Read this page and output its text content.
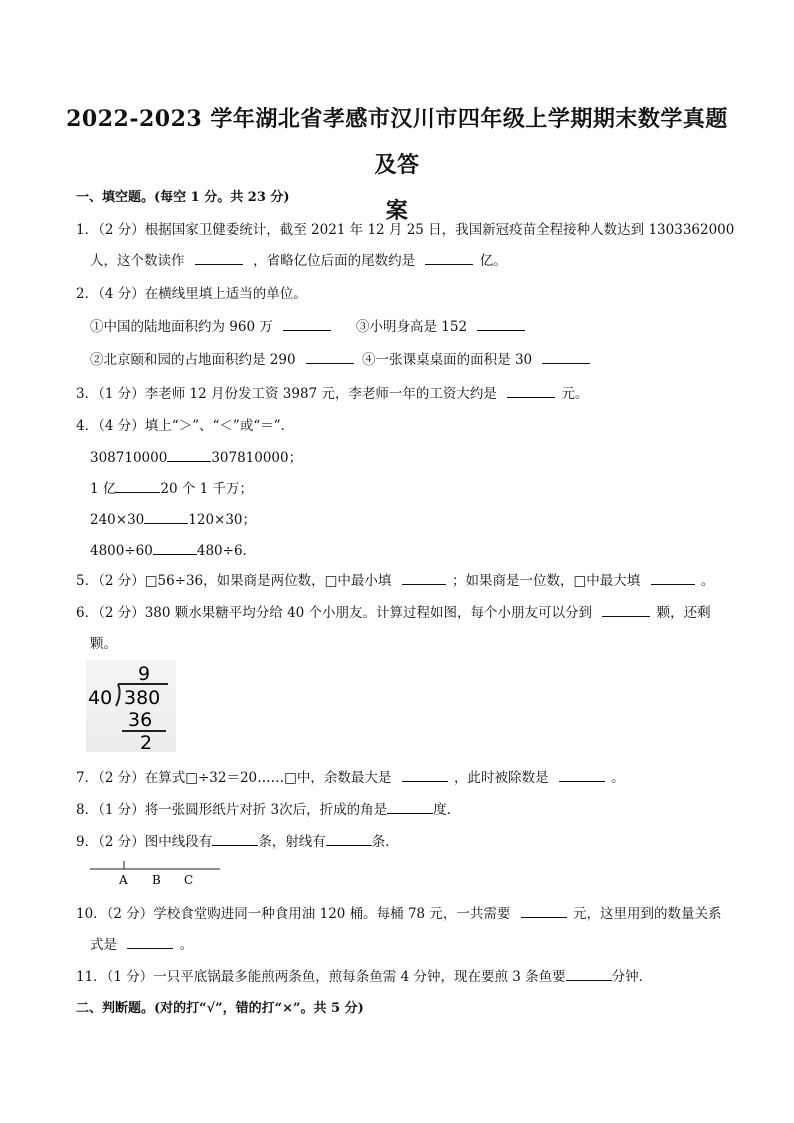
2022-2023 学年湖北省孝感市汉川市四年级上学期期末数学真题及答
案
一、填空题。(每空 1 分。共 23 分)
1．（2 分）根据国家卫健委统计，截至 2021 年 12 月 25 日，我国新冠疫苗全程接种人数达到 1303362000
人，这个数读作	，省略亿位后面的尾数约是	亿。
2．（4 分）在横线里填上适当的单位。
①中国的陆地面积约为 960 万	③小明身高是 152
②北京颐和园的占地面积约是 290	④一张课桌桌面的面积是 30
3．（1 分）李老师 12 月份发工资 3987 元，李老师一年的工资大约是	元。
4．（4 分）填上“＞”、“＜”或“＝”．
308710000	307810000；
1 亿	20 个 1 千万；
240×30	120×30；
4800÷60	480÷6．
5．（2 分）□56÷36，如果商是两位数，□中最小填	；如果商是一位数，□中最大填	。
6．（2 分）380 颗水果糖平均分给 40 个小朋友。计算过程如图，每个小朋友可以分到	颗，还剩
颗。
9
40 380
36
2
7．（2 分）在算式□÷32＝20……□中，余数最大是	，此时被除数是	。
8．（1 分）将一张圆形纸片对折 3次后，折成的角是	度．
9．（2 分）图中线段有	条，射线有	条．
A B C
10．（2 分）学校食堂购进同一种食用油 120 桶。每桶 78 元，一共需要	元，这里用到的数量关系
式是	。
11．（1 分）一只平底锅最多能煎两条鱼，煎每条鱼需 4 分钟，现在要煎 3 条鱼要	分钟．
二、判断题。(对的打“√”，错的打“×”。共 5 分)
